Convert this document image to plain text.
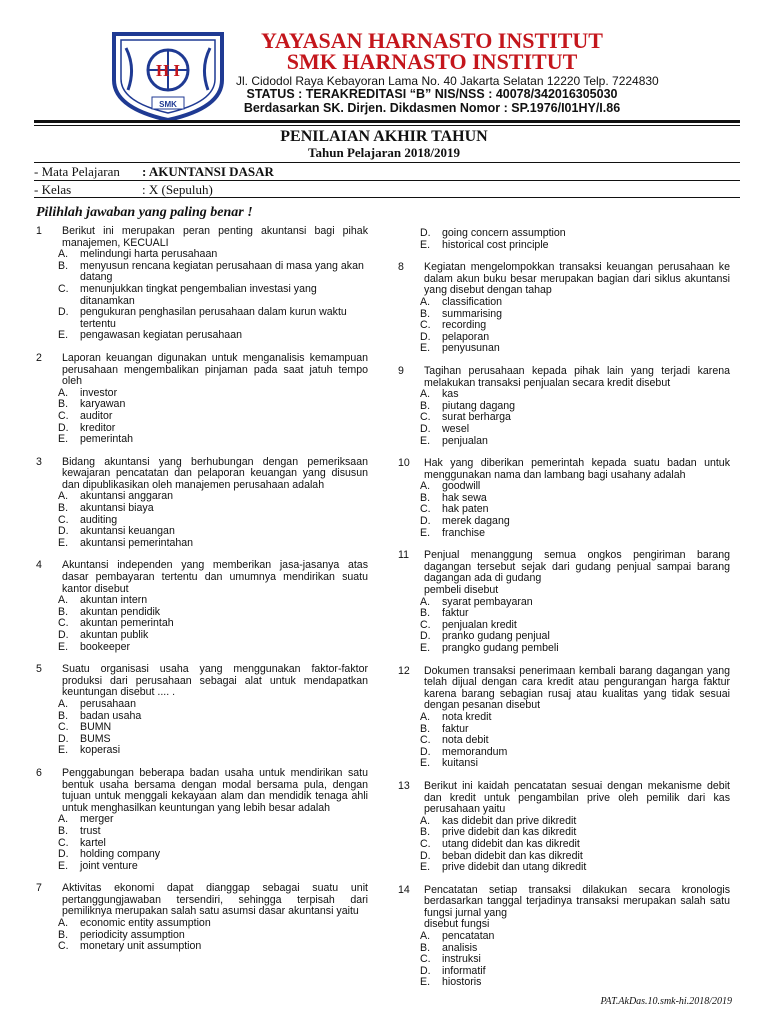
H I
SMK
YAYASAN HARNASTO INSTITUT
SMK HARNASTO INSTITUT
Jl. Cidodol Raya Kebayoran Lama No. 40 Jakarta Selatan 12220 Telp. 7224830
STATUS : TERAKREDITASI “B” NIS/NSS : 40078/342016305030
Berdasarkan SK. Dirjen. Dikdasmen Nomor : SP.1976/I01HY/I.86
PENILAIAN AKHIR TAHUN
Tahun Pelajaran 2018/2019
- Mata Pelajaran	: AKUNTANSI DASAR
- Kelas	: X (Sepuluh)
Pilihlah jawaban yang paling benar !
1	Berikut ini merupakan peran penting akuntansi bagi pihak manajemen, KECUALI
A.	melindungi harta perusahaan
B.	menyusun rencana kegiatan perusahaan di masa yang akan datang
C.	menunjukkan tingkat pengembalian investasi yang ditanamkan
D.	pengukuran penghasilan perusahaan dalam kurun waktu tertentu
E.	pengawasan kegiatan perusahaan
2	Laporan keuangan digunakan untuk menganalisis kemampuan perusahaan mengembalikan pinjaman pada saat jatuh tempo oleh
A.	investor
B.	karyawan
C.	auditor
D.	kreditor
E.	pemerintah
3	Bidang akuntansi yang berhubungan dengan pemeriksaan kewajaran pencatatan dan pelaporan keuangan yang disusun dan dipublikasikan oleh manajemen perusahaan adalah
A.	akuntansi anggaran
B.	akuntansi biaya
C.	auditing
D.	akuntansi keuangan
E.	akuntansi pemerintahan
4	Akuntansi independen yang memberikan jasa-jasanya atas dasar pembayaran tertentu dan umumnya mendirikan suatu kantor disebut
A.	akuntan intern
B.	akuntan pendidik
C.	akuntan pemerintah
D.	akuntan publik
E.	bookeeper
5	Suatu organisasi usaha yang menggunakan faktor-faktor produksi dari perusahaan sebagai alat untuk mendapatkan keuntungan disebut .... .
A.	perusahaan
B.	badan usaha
C.	BUMN
D.	BUMS
E.	koperasi
6	Penggabungan beberapa badan usaha untuk mendirikan satu bentuk usaha bersama dengan modal bersama pula, dengan tujuan untuk menggali kekayaan alam dan mendidik tenaga ahli untuk menghasilkan keuntungan yang lebih besar adalah
A.	merger
B.	trust
C.	kartel
D.	holding company
E.	joint venture
7	Aktivitas ekonomi dapat dianggap sebagai suatu unit pertanggungjawaban tersendiri, sehingga terpisah dari pemiliknya merupakan salah satu asumsi dasar akuntansi yaitu
A.	economic entity assumption
B.	periodicity assumption
C.	monetary unit assumption
D.	going concern assumption
E.	historical cost principle
8	Kegiatan mengelompokkan transaksi keuangan perusahaan ke dalam akun buku besar merupakan bagian dari siklus akuntansi yang disebut dengan tahap
A.	classification
B.	summarising
C.	recording
D.	pelaporan
E.	penyusunan
9	Tagihan perusahaan kepada pihak lain yang terjadi karena melakukan transaksi penjualan secara kredit disebut
A.	kas
B.	piutang dagang
C.	surat berharga
D.	wesel
E.	penjualan
10	Hak yang diberikan pemerintah kepada suatu badan untuk menggunakan nama dan lambang bagi usahany adalah
A.	goodwill
B.	hak sewa
C.	hak paten
D.	merek dagang
E.	franchise
11	Penjual menanggung semua ongkos pengiriman barang dagangan tersebut sejak dari gudang penjual sampai barang dagangan ada di gudang
pembeli disebut
A.	syarat pembayaran
B.	faktur
C.	penjualan kredit
D.	pranko gudang penjual
E.	prangko gudang pembeli
12	Dokumen transaksi penerimaan kembali barang dagangan yang telah dijual dengan cara kredit atau pengurangan harga faktur karena barang sebagian rusaj atau kualitas yang tidak sesuai dengan pesanan disebut
A.	nota kredit
B.	faktur
C.	nota debit
D.	memorandum
E.	kuitansi
13	Berikut ini kaidah pencatatan sesuai dengan mekanisme debit dan kredit untuk pengambilan prive oleh pemilik dari kas perusahaan yaitu
A.	kas didebit dan prive dikredit
B.	prive didebit dan kas dikredit
C.	utang didebit dan kas dikredit
D.	beban didebit dan kas dikredit
E.	prive didebit dan utang dikredit
14	Pencatatan setiap transaksi dilakukan secara kronologis berdasarkan tanggal terjadinya transaksi merupakan salah satu fungsi jurnal yang
disebut fungsi
A.	pencatatan
B.	analisis
C.	instruksi
D.	informatif
E.	hiostoris
PAT.AkDas.10.smk-hi.2018/2019
